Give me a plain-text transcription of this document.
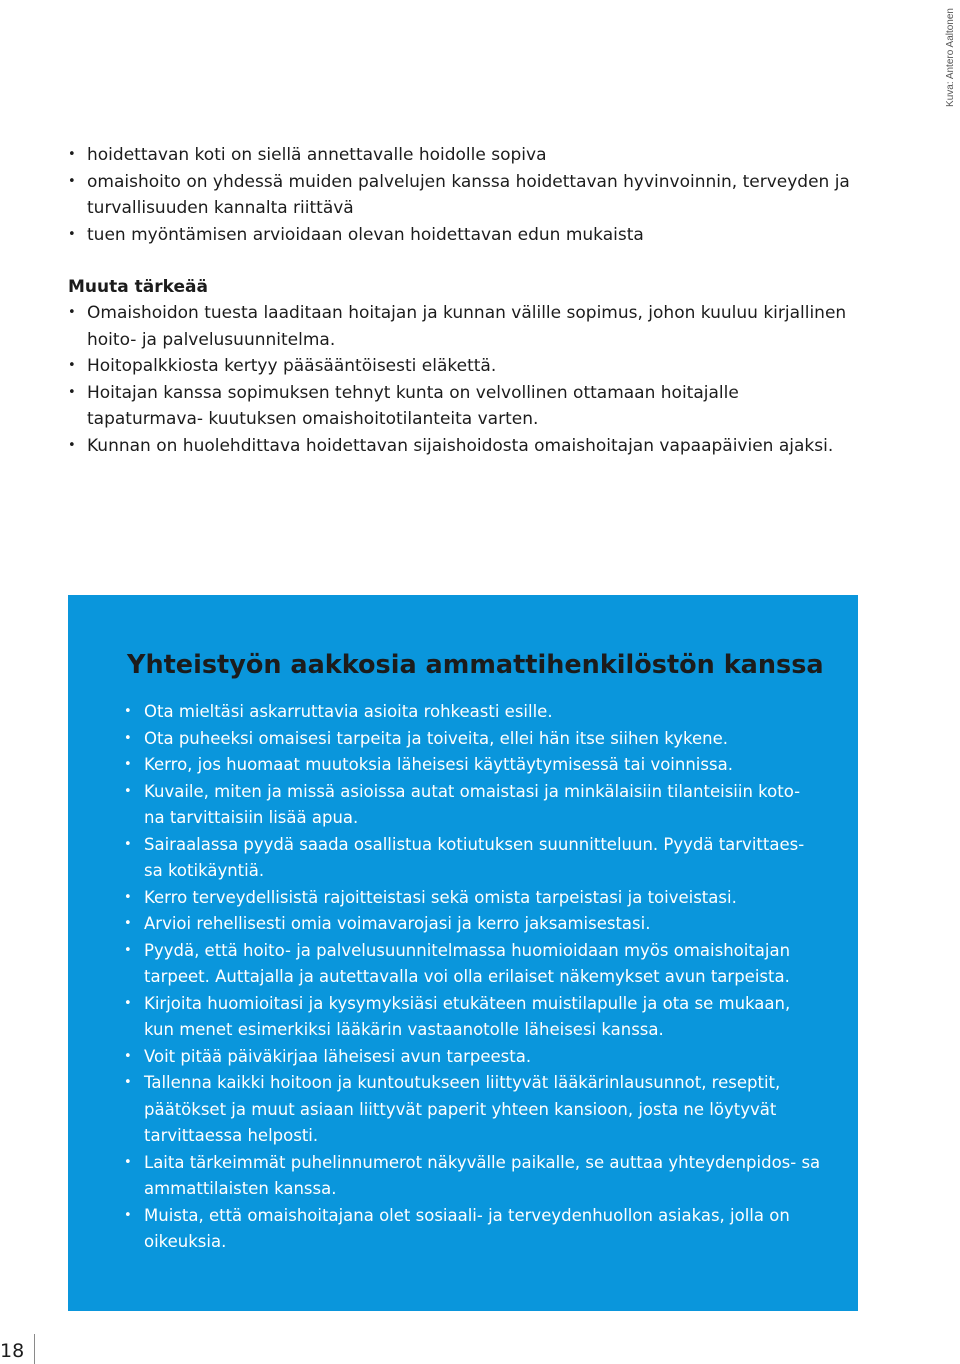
Kuva: Antero Aaltonen
• hoidettavan koti on siellä annettavalle hoidolle sopiva
• omaishoito on yhdessä muiden palvelujen kanssa hoidettavan hyvinvoinnin, terveyden ja turvallisuuden kannalta riittävä
• tuen myöntämisen arvioidaan olevan hoidettavan edun mukaista
Muuta tärkeää
• Omaishoidon tuesta laaditaan hoitajan ja kunnan välille sopimus, johon kuuluu kirjallinen hoito- ja palvelusuunnitelma.
• Hoitopalkkiosta kertyy pääsääntöisesti eläkettä.
• Hoitajan kanssa sopimuksen tehnyt kunta on velvollinen ottamaan hoitajalle tapaturmava- kuutuksen omaishoitotilanteita varten.
• Kunnan on huolehdittava hoidettavan sijaishoidosta omaishoitajan vapaapäivien ajaksi.
Yhteistyön aakkosia ammattihenkilöstön kanssa
• Ota mieltäsi askarruttavia asioita rohkeasti esille.
• Ota puheeksi omaisesi tarpeita ja toiveita, ellei hän itse siihen kykene.
• Kerro, jos huomaat muutoksia läheisesi käyttäytymisessä tai voinnissa.
• Kuvaile, miten ja missä asioissa autat omaistasi ja minkälaisiin tilanteisiin koto- na tarvittaisiin lisää apua.
• Sairaalassa pyydä saada osallistua kotiutuksen suunnitteluun. Pyydä tarvittaes- sa kotikäyntiä.
• Kerro terveydellisistä rajoitteistasi sekä omista tarpeistasi ja toiveistasi.
• Arvioi rehellisesti omia voimavarojasi ja kerro jaksamisestasi.
• Pyydä, että hoito- ja palvelusuunnitelmassa huomioidaan myös omaishoitajan tarpeet. Auttajalla ja autettavalla voi olla erilaiset näkemykset avun tarpeista.
• Kirjoita huomioitasi ja kysymyksiäsi etukäteen muistilapulle ja ota se mukaan, kun menet esimerkiksi lääkärin vastaanotolle läheisesi kanssa.
• Voit pitää päiväkirjaa läheisesi avun tarpeesta.
• Tallenna kaikki hoitoon ja kuntoutukseen liittyvät lääkärinlausunnot, reseptit, päätökset ja muut asiaan liittyvät paperit yhteen kansioon, josta ne löytyvät tarvittaessa helposti.
• Laita tärkeimmät puhelinnumerot näkyvälle paikalle, se auttaa yhteydenpidos- sa ammattilaisten kanssa.
• Muista, että omaishoitajana olet sosiaali- ja terveydenhuollon asiakas, jolla on oikeuksia.
18
